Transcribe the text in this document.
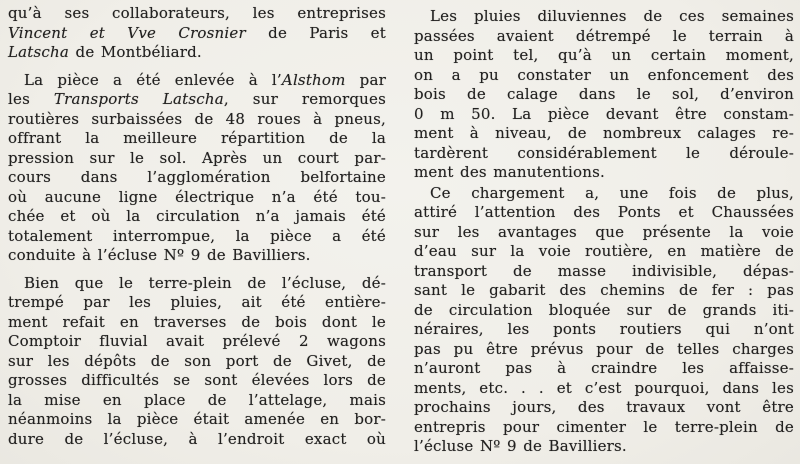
qu’à ses collaborateurs, les entreprises
Vincent et Vve Crosnier de Paris et
Latscha de Montbéliard.
La pièce a été enlevée à l’Alsthom par
les Transports Latscha, sur remorques
routières surbaissées de 48 roues à pneus,
offrant la meilleure répartition de la
pression sur le sol. Après un court par-
cours dans l’agglomération belfortaine
où aucune ligne électrique n’a été tou-
chée et où la circulation n’a jamais été
totalement interrompue, la pièce a été
conduite à l’écluse Nº 9 de Bavilliers.
Bien que le terre-plein de l’écluse, dé-
trempé par les pluies, ait été entière-
ment refait en traverses de bois dont le
Comptoir fluvial avait prélevé 2 wagons
sur les dépôts de son port de Givet, de
grosses difficultés se sont élevées lors de
la mise en place de l’attelage, mais
néanmoins la pièce était amenée en bor-
dure de l’écluse, à l’endroit exact où
Les pluies diluviennes de ces semaines
passées avaient détrempé le terrain à
un point tel, qu’à un certain moment,
on a pu constater un enfoncement des
bois de calage dans le sol, d’environ
0 m 50. La pièce devant être constam-
ment à niveau, de nombreux calages re-
tardèrent considérablement le déroule-
ment des manutentions.
Ce chargement a, une fois de plus,
attiré l’attention des Ponts et Chaussées
sur les avantages que présente la voie
d’eau sur la voie routière, en matière de
transport de masse indivisible, dépas-
sant le gabarit des chemins de fer : pas
de circulation bloquée sur de grands iti-
néraires, les ponts routiers qui n’ont
pas pu être prévus pour de telles charges
n’auront pas à craindre les affaisse-
ments, etc. . . et c’est pourquoi, dans les
prochains jours, des travaux vont être
entrepris pour cimenter le terre-plein de
l’écluse Nº 9 de Bavilliers.
